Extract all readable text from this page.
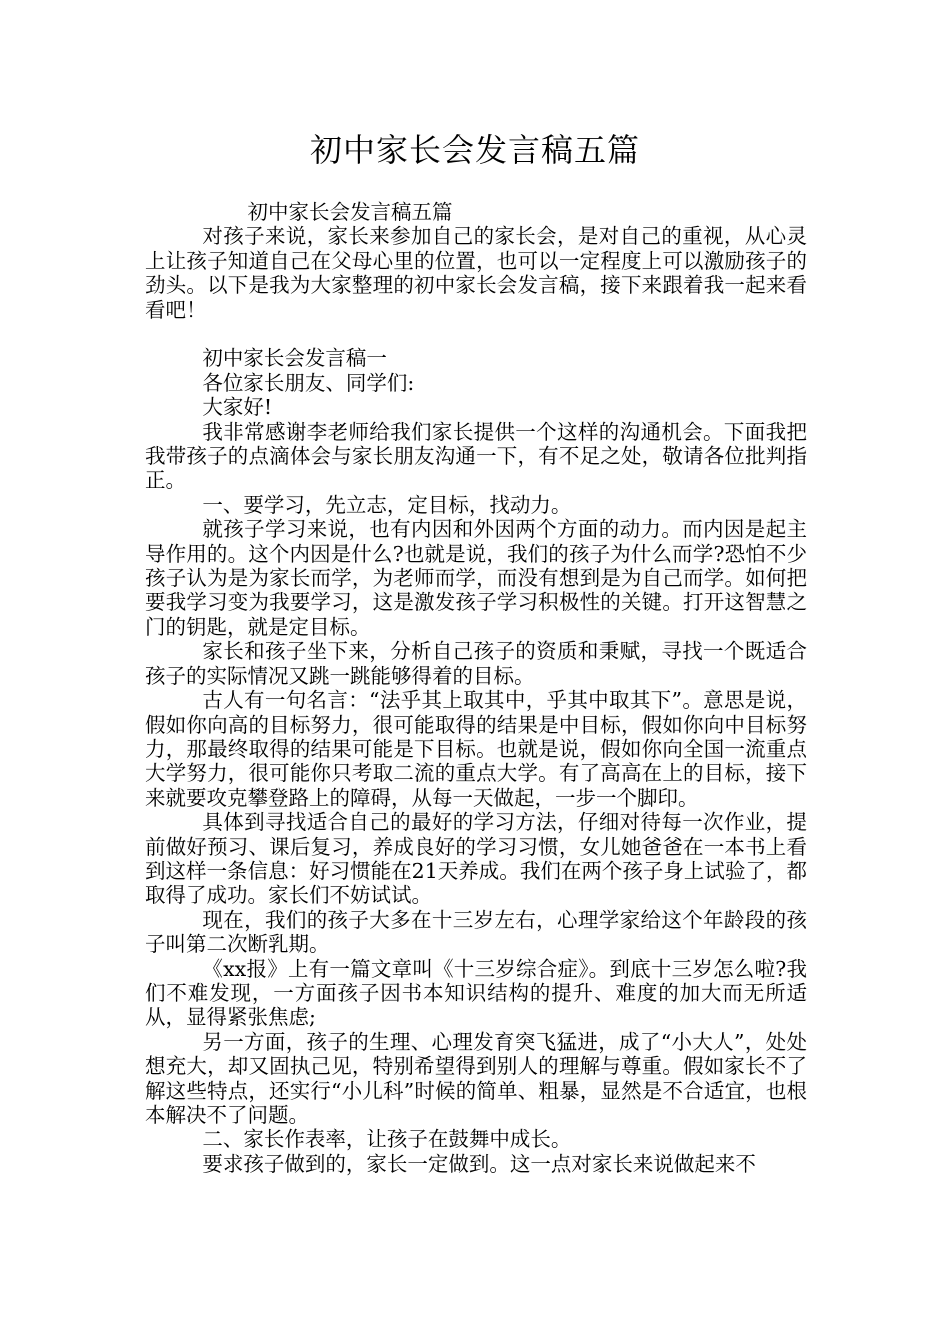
初中家长会发言稿五篇

初中家长会发言稿五篇

对孩子来说，家长来参加自己的家长会，是对自己的重视，从心灵上让孩子知道自己在父母心里的位置，也可以一定程度上可以激励孩子的劲头。以下是我为大家整理的初中家长会发言稿，接下来跟着我一起来看看吧！

初中家长会发言稿一

各位家长朋友、同学们:

大家好!

我非常感谢李老师给我们家长提供一个这样的沟通机会。下面我把我带孩子的点滴体会与家长朋友沟通一下，有不足之处，敬请各位批判指正。

一、要学习，先立志，定目标，找动力。

就孩子学习来说，也有内因和外因两个方面的动力。而内因是起主导作用的。这个内因是什么?也就是说，我们的孩子为什么而学?恐怕不少孩子认为是为家长而学，为老师而学，而没有想到是为自己而学。如何把要我学习变为我要学习，这是激发孩子学习积极性的关键。打开这智慧之门的钥匙，就是定目标。

家长和孩子坐下来，分析自己孩子的资质和秉赋，寻找一个既适合孩子的实际情况又跳一跳能够得着的目标。

古人有一句名言：“法乎其上取其中，乎其中取其下”。意思是说，假如你向高的目标努力，很可能取得的结果是中目标，假如你向中目标努力，那最终取得的结果可能是下目标。也就是说，假如你向全国一流重点大学努力，很可能你只考取二流的重点大学。有了高高在上的目标，接下来就要攻克攀登路上的障碍，从每一天做起，一步一个脚印。

具体到寻找适合自己的最好的学习方法，仔细对待每一次作业，提前做好预习、课后复习，养成良好的学习习惯，女儿她爸爸在一本书上看到这样一条信息：好习惯能在21天养成。我们在两个孩子身上试验了，都取得了成功。家长们不妨试试。

现在，我们的孩子大多在十三岁左右，心理学家给这个年龄段的孩子叫第二次断乳期。

《xx报》上有一篇文章叫《十三岁综合症》。到底十三岁怎么啦?我们不难发现，一方面孩子因书本知识结构的提升、难度的加大而无所适从，显得紧张焦虑;

另一方面，孩子的生理、心理发育突飞猛进，成了“小大人”，处处想充大，却又固执己见，特别希望得到别人的理解与尊重。假如家长不了解这些特点，还实行“小儿科”时候的简单、粗暴，显然是不合适宜，也根本解决不了问题。

二、家长作表率，让孩子在鼓舞中成长。

要求孩子做到的，家长一定做到。这一点对家长来说做起来不
